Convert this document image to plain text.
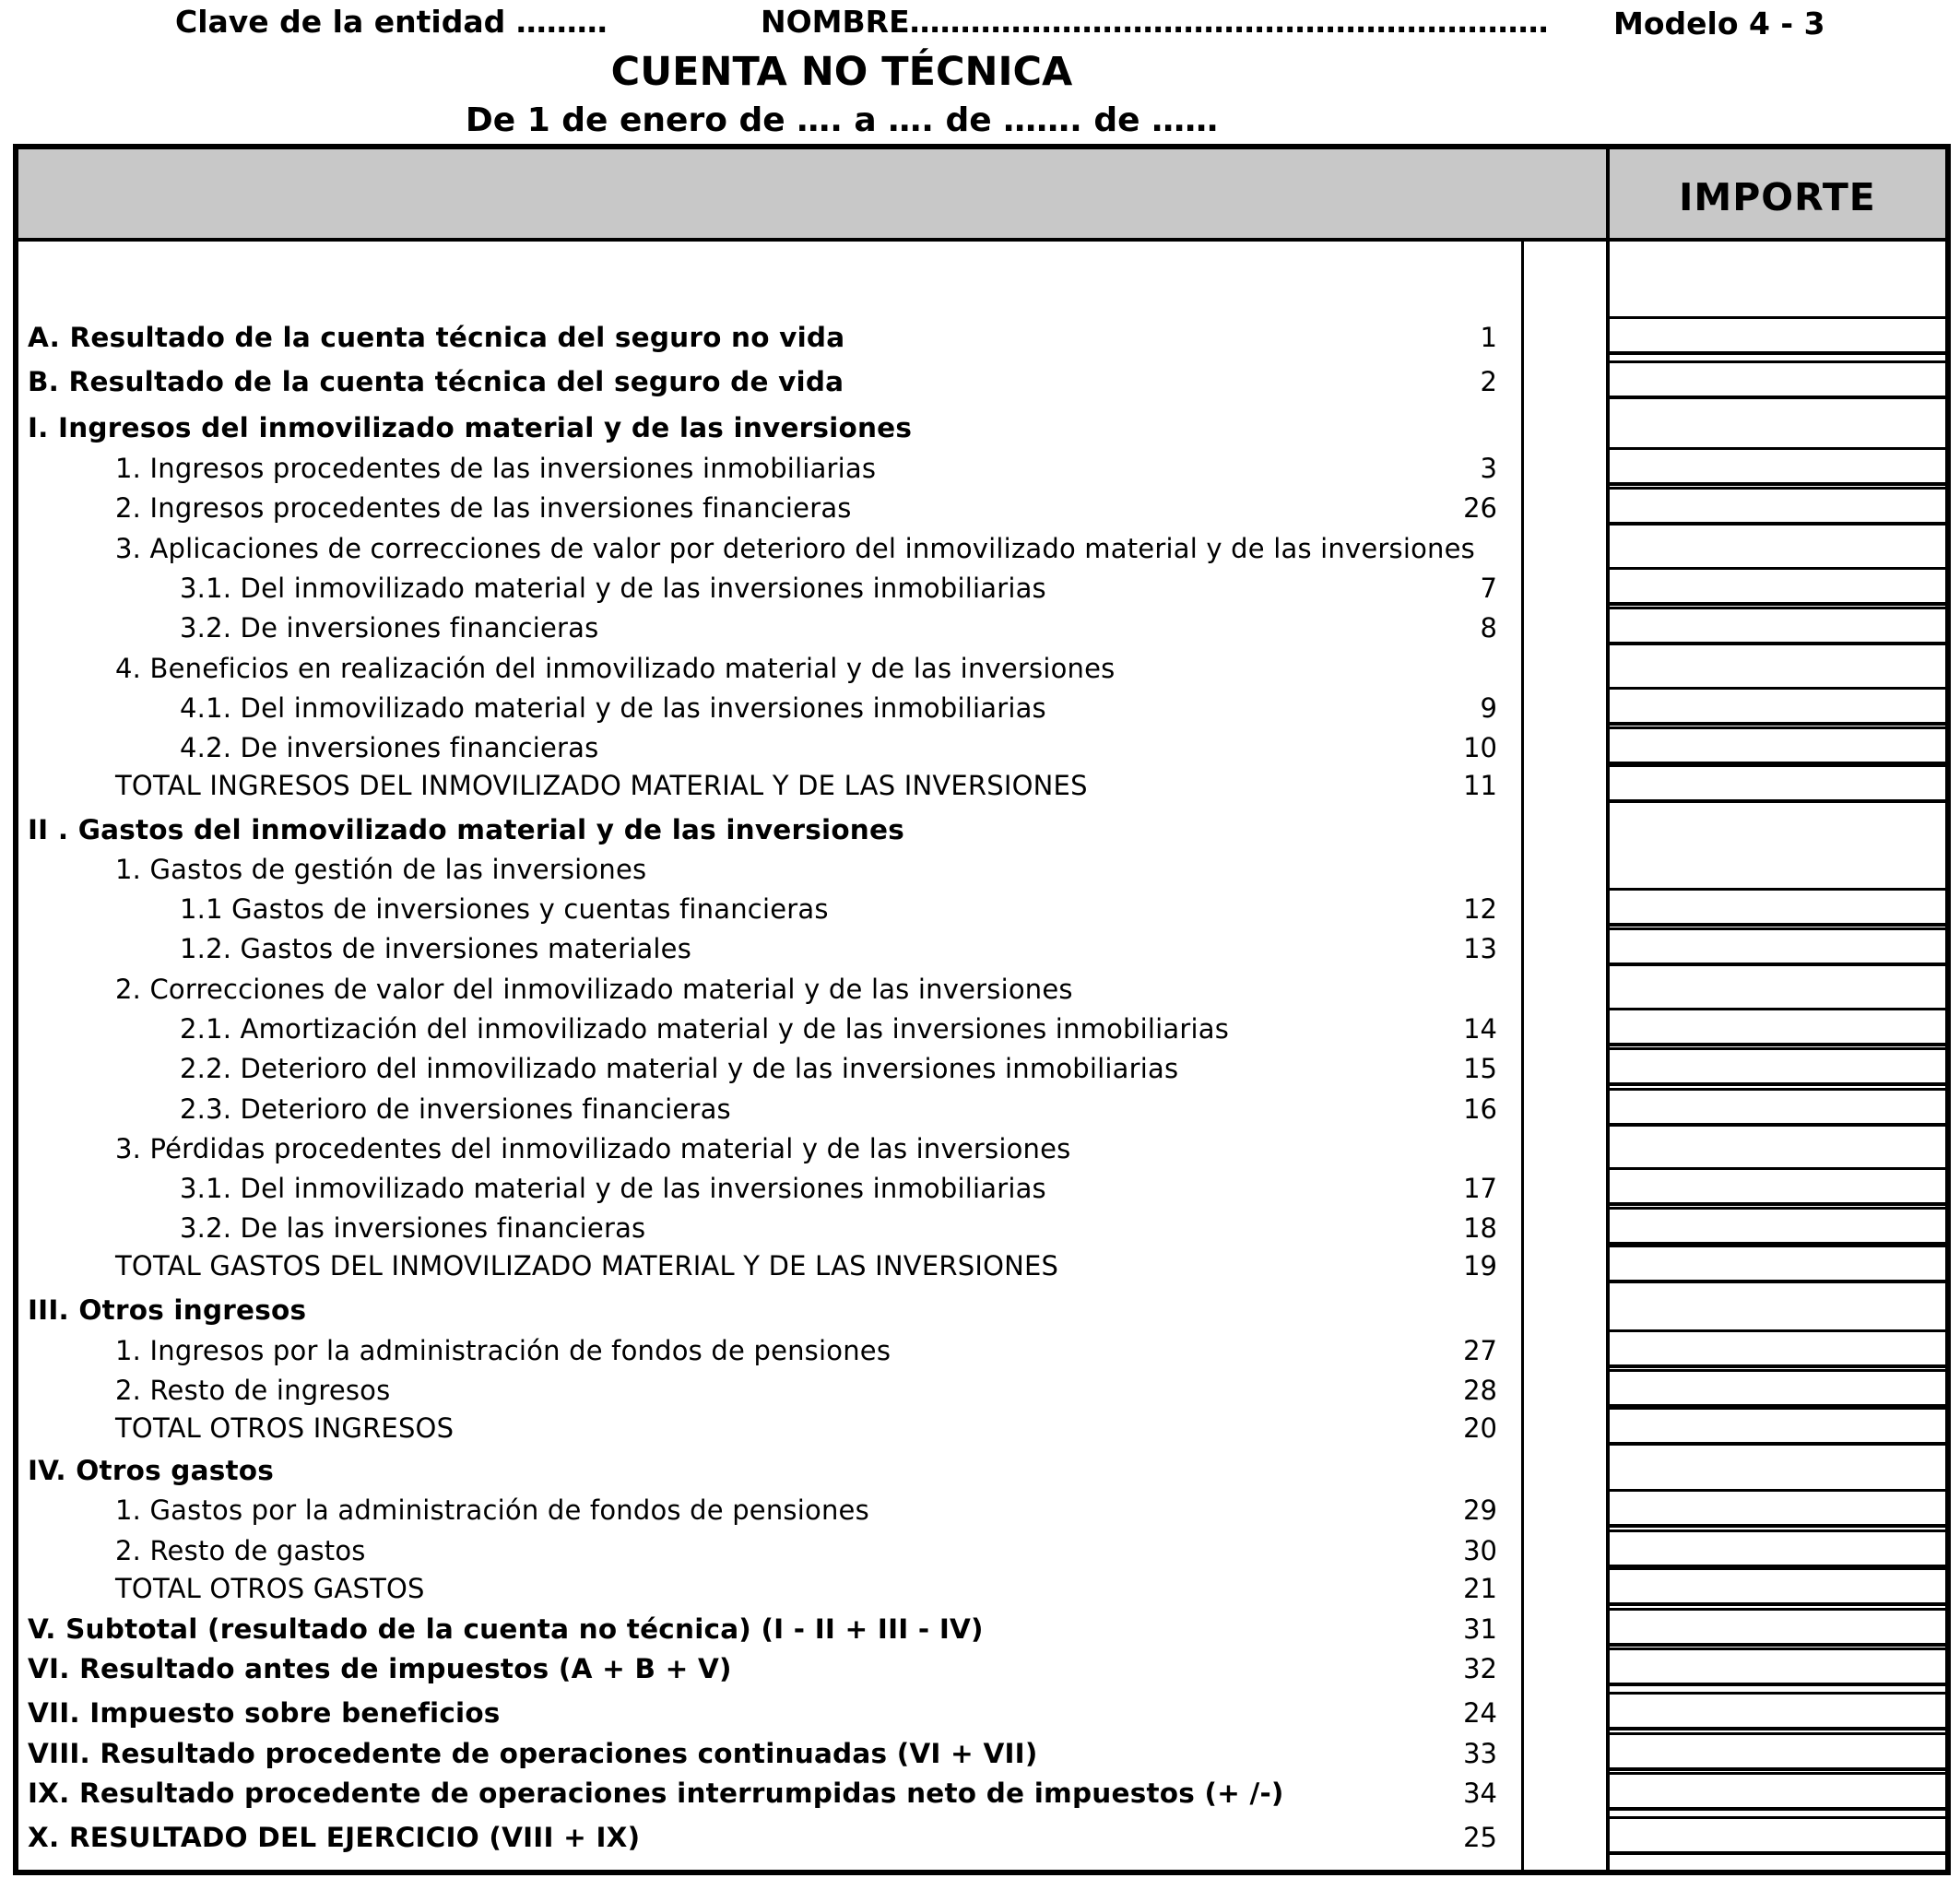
Clave de la entidad ………	NOMBRE……………………………………………………… Modelo 4 - 3
CUENTA NO TÉCNICA
De 1 de enero de …. a …. de ……. de ……
IMPORTE
A. Resultado de la cuenta técnica del seguro no vida	1
B. Resultado de la cuenta técnica del seguro de vida	2
I. Ingresos del inmovilizado material y de las inversiones
1. Ingresos procedentes de las inversiones inmobiliarias	3
2. Ingresos procedentes de las inversiones financieras	26
3. Aplicaciones de correcciones de valor por deterioro del inmovilizado material y de las inversiones
3.1. Del inmovilizado material y de las inversiones inmobiliarias	7
3.2. De inversiones financieras	8
4. Beneficios en realización del inmovilizado material y de las inversiones
4.1. Del inmovilizado material y de las inversiones inmobiliarias	9
4.2. De inversiones financieras	10
TOTAL INGRESOS DEL INMOVILIZADO MATERIAL Y DE LAS INVERSIONES	11
II . Gastos del inmovilizado material y de las inversiones
1. Gastos de gestión de las inversiones
1.1 Gastos de inversiones y cuentas financieras	12
1.2. Gastos de inversiones materiales	13
2. Correcciones de valor del inmovilizado material y de las inversiones
2.1. Amortización del inmovilizado material y de las inversiones inmobiliarias	14
2.2. Deterioro del inmovilizado material y de las inversiones inmobiliarias	15
2.3. Deterioro de inversiones financieras	16
3. Pérdidas procedentes del inmovilizado material y de las inversiones
3.1. Del inmovilizado material y de las inversiones inmobiliarias	17
3.2. De las inversiones financieras	18
TOTAL GASTOS DEL INMOVILIZADO MATERIAL Y DE LAS INVERSIONES	19
III. Otros ingresos
1. Ingresos por la administración de fondos de pensiones	27
2. Resto de ingresos	28
TOTAL OTROS INGRESOS	20
IV. Otros gastos
1. Gastos por la administración de fondos de pensiones	29
2. Resto de gastos	30
TOTAL OTROS GASTOS	21
V. Subtotal (resultado de la cuenta no técnica) (I - II + III - IV)	31
VI. Resultado antes de impuestos (A + B + V)	32
VII. Impuesto sobre beneficios	24
VIII. Resultado procedente de operaciones continuadas (VI + VII)	33
IX. Resultado procedente de operaciones interrumpidas neto de impuestos (+ /-)	34
X. RESULTADO DEL EJERCICIO (VIII + IX)	25
